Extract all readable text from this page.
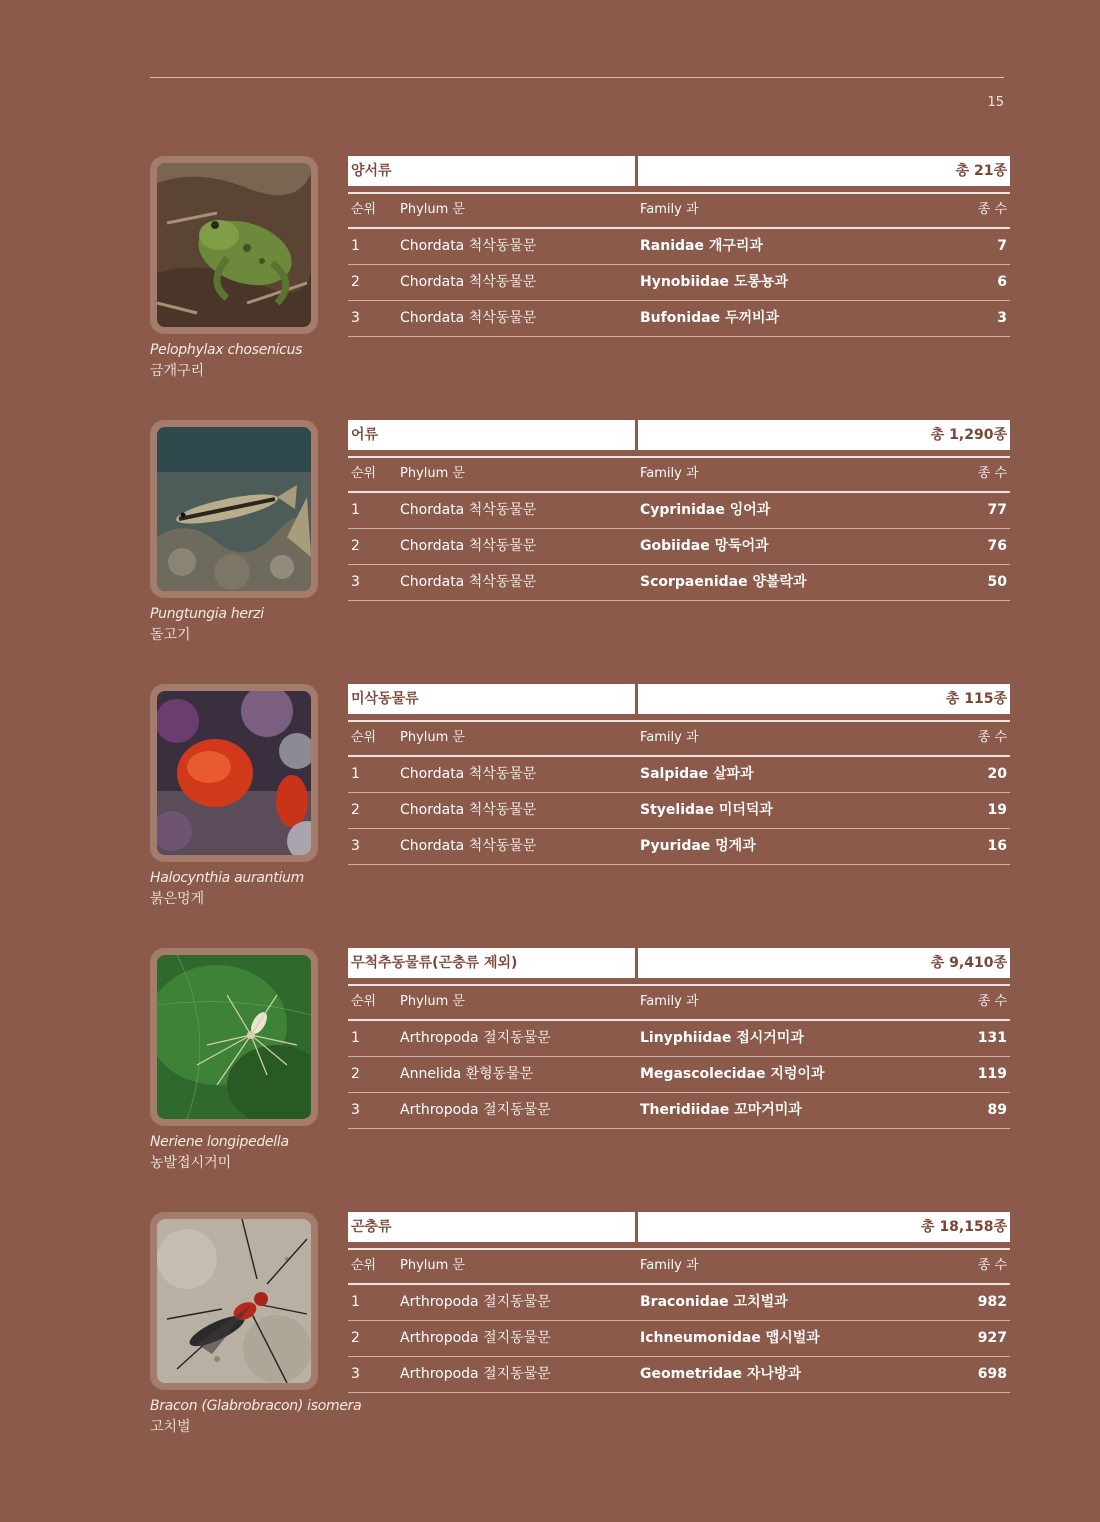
15
Pelophylax chosenicus
금개구리
양서류	총 21종
순위 Phylum 문	Family 과	종 수
1	Chordata 척삭동물문	Ranidae 개구리과	7
2	Chordata 척삭동물문	Hynobiidae 도롱뇽과	6
3	Chordata 척삭동물문	Bufonidae 두꺼비과	3
Pungtungia herzi
돌고기
어류	총 1,290종
순위 Phylum 문	Family 과	종 수
1	Chordata 척삭동물문	Cyprinidae 잉어과	77
2	Chordata 척삭동물문	Gobiidae 망둑어과	76
3	Chordata 척삭동물문	Scorpaenidae 양볼락과	50
Halocynthia aurantium
붉은멍게
미삭동물류	총 115종
순위 Phylum 문	Family 과	종 수
1	Chordata 척삭동물문	Salpidae 살파과	20
2	Chordata 척삭동물문	Styelidae 미더덕과	19
3	Chordata 척삭동물문	Pyuridae 멍게과	16
Neriene longipedella
농발접시거미
무척추동물류(곤충류 제외)	총 9,410종
순위 Phylum 문	Family 과	종 수
1	Arthropoda 절지동물문	Linyphiidae 접시거미과	131
2	Annelida 환형동물문	Megascolecidae 지렁이과	119
3	Arthropoda 절지동물문	Theridiidae 꼬마거미과	89
Bracon (Glabrobracon) isomera
고치벌
곤충류	총 18,158종
순위 Phylum 문	Family 과	종 수
1	Arthropoda 절지동물문	Braconidae 고치벌과	982
2	Arthropoda 절지동물문	Ichneumonidae 맵시벌과	927
3	Arthropoda 절지동물문	Geometridae 자나방과	698
